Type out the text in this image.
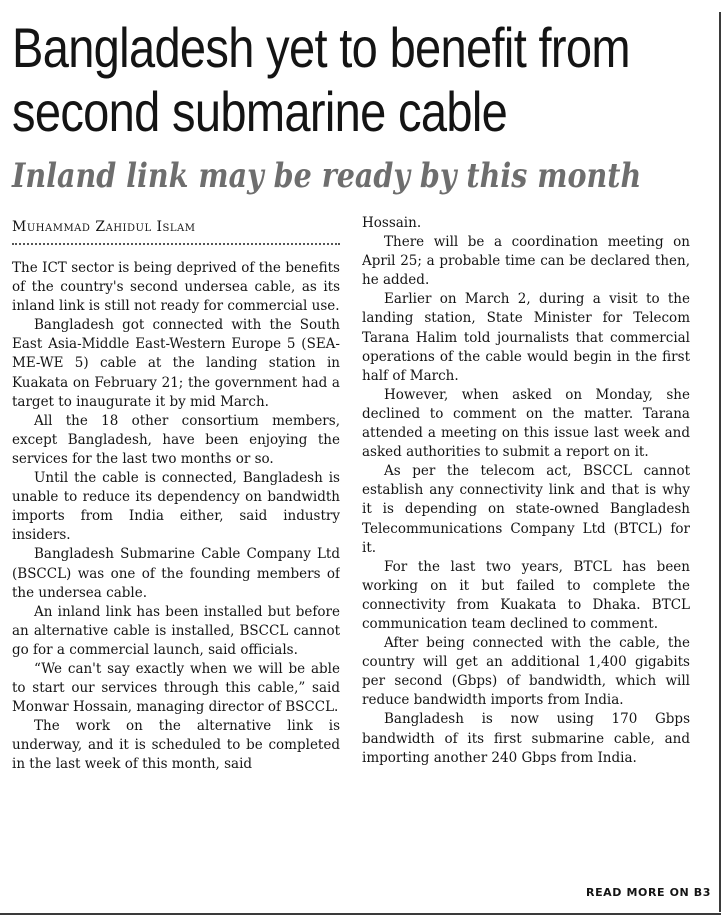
Bangladesh yet to benefit from
second submarine cable
Inland link may be ready by this month
Muhammad Zahidul Islam

The ICT sector is being deprived of the benefits of the country's second undersea cable, as its inland link is still not ready for commercial use.

Bangladesh got connected with the South East Asia-Middle East-Western Europe 5 (SEA-ME-WE 5) cable at the landing station in Kuakata on February 21; the government had a target to inaugurate it by mid March.

All the 18 other consortium members, except Bangladesh, have been enjoying the services for the last two months or so.

Until the cable is connected, Bangladesh is unable to reduce its dependency on bandwidth imports from India either, said industry insiders.

Bangladesh Submarine Cable Company Ltd (BSCCL) was one of the founding members of the undersea cable.

An inland link has been installed but before an alternative cable is installed, BSCCL cannot go for a commercial launch, said officials.

“We can't say exactly when we will be able to start our services through this cable,” said Monwar Hossain, managing director of BSCCL.

The work on the alternative link is underway, and it is scheduled to be completed in the last week of this month, said

Hossain.

There will be a coordination meeting on April 25; a probable time can be declared then, he added.

Earlier on March 2, during a visit to the landing station, State Minister for Telecom Tarana Halim told journalists that commercial operations of the cable would begin in the first half of March.

However, when asked on Monday, she declined to comment on the matter. Tarana attended a meeting on this issue last week and asked authorities to submit a report on it.

As per the telecom act, BSCCL cannot establish any connectivity link and that is why it is depending on state-owned Bangladesh Telecommunications Company Ltd (BTCL) for it.

For the last two years, BTCL has been working on it but failed to complete the connectivity from Kuakata to Dhaka. BTCL communication team declined to comment.

After being connected with the cable, the country will get an additional 1,400 gigabits per second (Gbps) of bandwidth, which will reduce bandwidth imports from India.

Bangladesh is now using 170 Gbps bandwidth of its first submarine cable, and importing another 240 Gbps from India.

READ MORE ON B3
